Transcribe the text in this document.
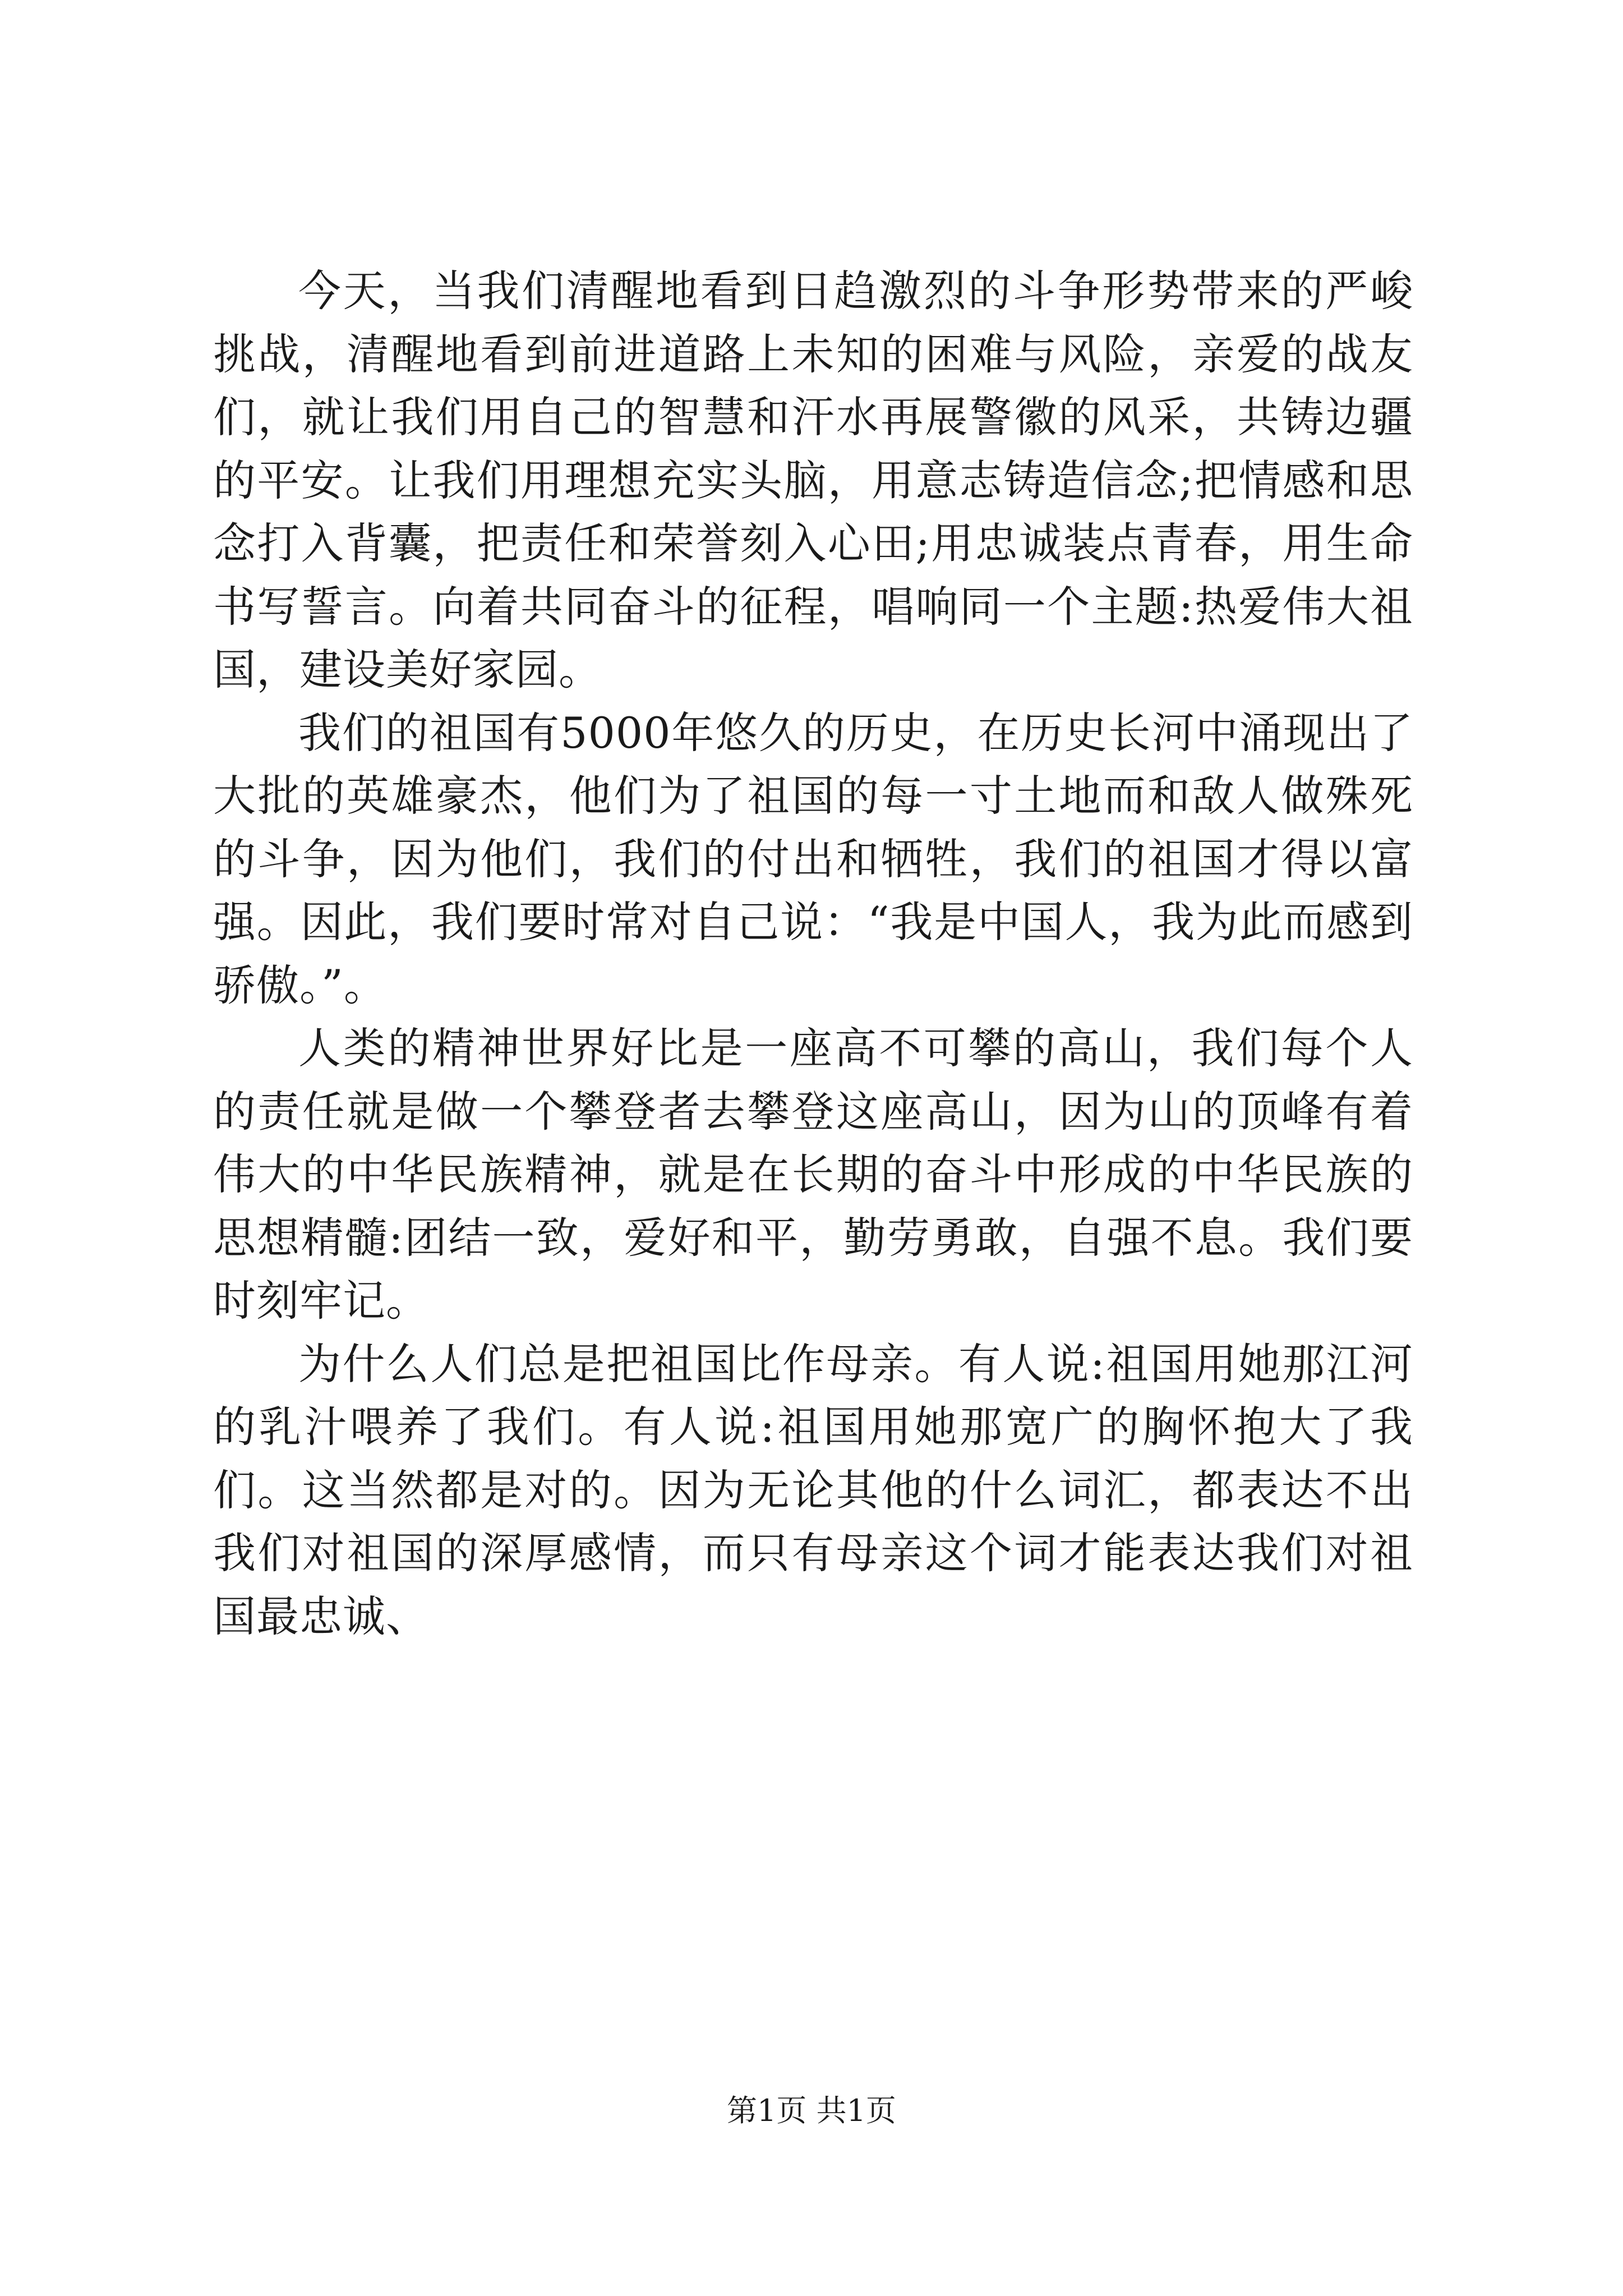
今天，当我们清醒地看到日趋激烈的斗争形势带来的严峻挑战，清醒地看到前进道路上未知的困难与风险，亲爱的战友们，就让我们用自己的智慧和汗水再展警徽的风采，共铸边疆的平安。让我们用理想充实头脑，用意志铸造信念;把情感和思念打入背囊，把责任和荣誉刻入心田;用忠诚装点青春，用生命书写誓言。向着共同奋斗的征程，唱响同一个主题:热爱伟大祖国，建设美好家园。

我们的祖国有5000年悠久的历史，在历史长河中涌现出了大批的英雄豪杰，他们为了祖国的每一寸土地而和敌人做殊死的斗争，因为他们，我们的付出和牺牲，我们的祖国才得以富强。因此，我们要时常对自己说：“我是中国人，我为此而感到骄傲。”。

人类的精神世界好比是一座高不可攀的高山，我们每个人的责任就是做一个攀登者去攀登这座高山，因为山的顶峰有着伟大的中华民族精神，就是在长期的奋斗中形成的中华民族的思想精髓:团结一致，爱好和平，勤劳勇敢，自强不息。我们要时刻牢记。

为什么人们总是把祖国比作母亲。有人说:祖国用她那江河的乳汁喂养了我们。有人说:祖国用她那宽广的胸怀抱大了我们。这当然都是对的。因为无论其他的什么词汇，都表达不出我们对祖国的深厚感情，而只有母亲这个词才能表达我们对祖国最忠诚、

第1页 共1页
